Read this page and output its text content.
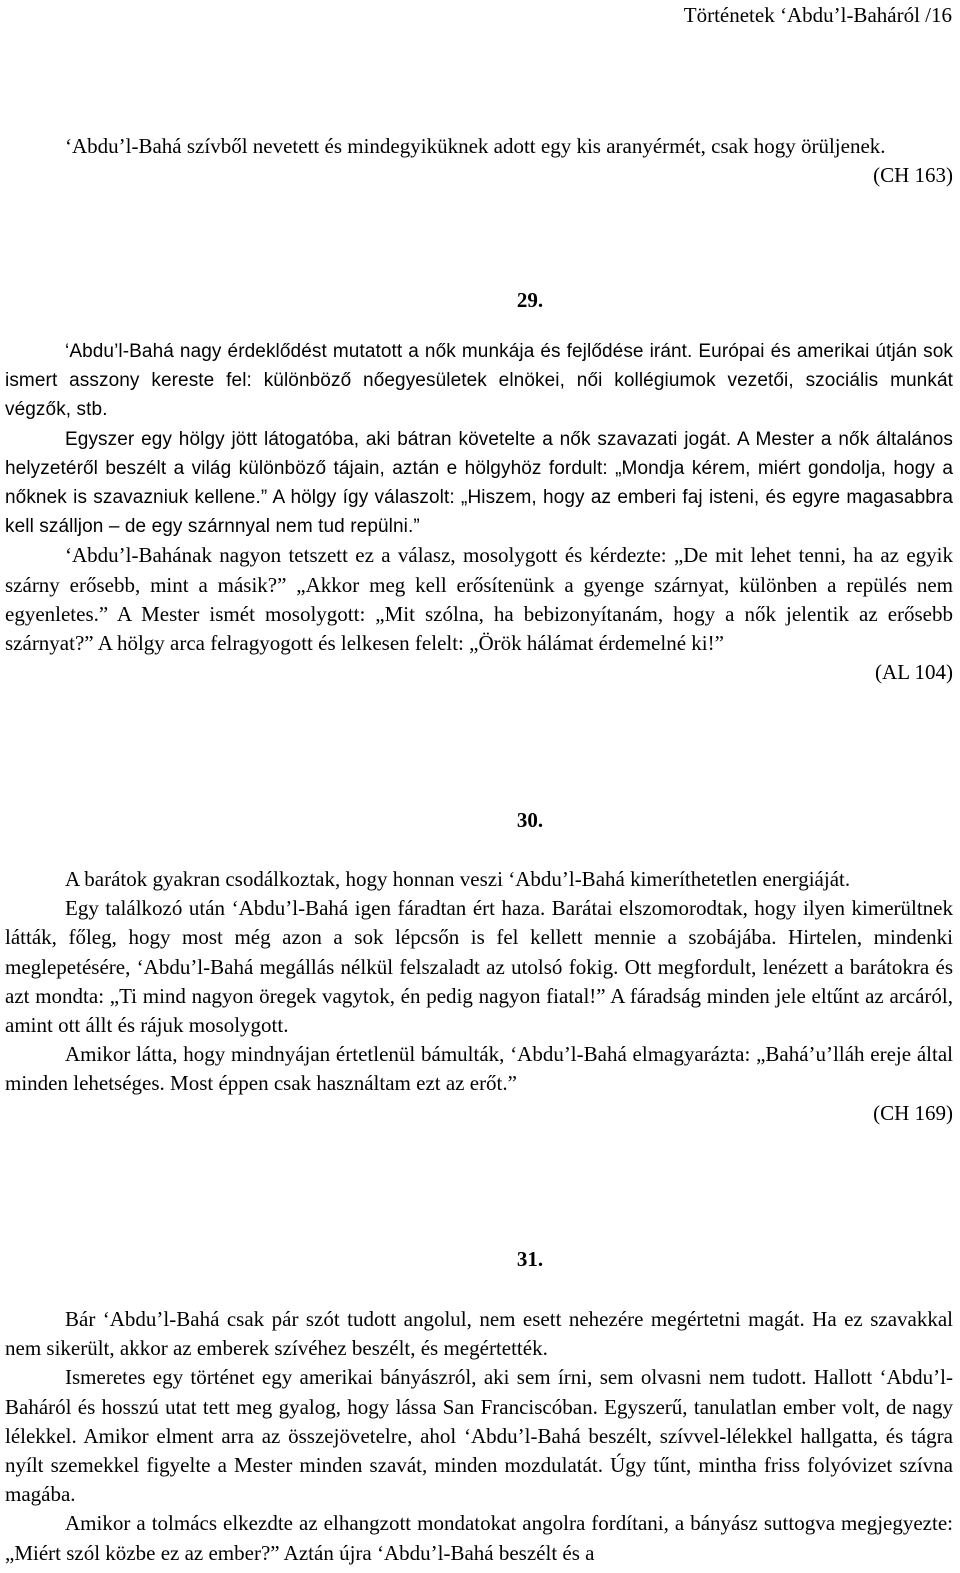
Történetek ‘Abdu’l-Baháról /16

‘Abdu’l-Bahá szívből nevetett és mindegyiküknek adott egy kis aranyérmét, csak hogy örüljenek.

(CH 163)
29.

‘Abdu’l-Bahá nagy érdeklődést mutatott a nők munkája és fejlődése iránt. Európai és amerikai útján sok ismert asszony kereste fel: különböző nőegyesületek elnökei, női kollégiumok vezetői, szociális munkát végzők, stb.

Egyszer egy hölgy jött látogatóba, aki bátran követelte a nők szavazati jogát. A Mester a nők általános helyzetéről beszélt a világ különböző tájain, aztán e hölgyhöz fordult: „Mondja kérem, miért gondolja, hogy a nőknek is szavazniuk kellene.” A hölgy így válaszolt: „Hiszem, hogy az emberi faj isteni, és egyre magasabbra kell szálljon – de egy szárnnyal nem tud repülni.”

‘Abdu’l-Bahának nagyon tetszett ez a válasz, mosolygott és kérdezte: „De mit lehet tenni, ha az egyik szárny erősebb, mint a másik?” „Akkor meg kell erősítenünk a gyenge szárnyat, különben a repülés nem egyenletes.” A Mester ismét mosolygott: „Mit szólna, ha bebizonyítanám, hogy a nők jelentik az erősebb szárnyat?” A hölgy arca felragyogott és lelkesen felelt: „Örök hálámat érdemelné ki!”

(AL 104)
30.

A barátok gyakran csodálkoztak, hogy honnan veszi ‘Abdu’l-Bahá kimeríthetetlen energiáját.

Egy találkozó után ‘Abdu’l-Bahá igen fáradtan ért haza. Barátai elszomorodtak, hogy ilyen kimerültnek látták, főleg, hogy most még azon a sok lépcsőn is fel kellett mennie a szobájába. Hirtelen, mindenki meglepetésére, ‘Abdu’l-Bahá megállás nélkül felszaladt az utolsó fokig. Ott megfordult, lenézett a barátokra és azt mondta: „Ti mind nagyon öregek vagytok, én pedig nagyon fiatal!” A fáradság minden jele eltűnt az arcáról, amint ott állt és rájuk mosolygott.

Amikor látta, hogy mindnyájan értetlenül bámulták, ‘Abdu’l-Bahá elmagyarázta: „Bahá’u’lláh ereje által minden lehetséges. Most éppen csak használtam ezt az erőt.”

(CH 169)
31.

Bár ‘Abdu’l-Bahá csak pár szót tudott angolul, nem esett nehezére megértetni magát. Ha ez szavakkal nem sikerült, akkor az emberek szívéhez beszélt, és megértették.

Ismeretes egy történet egy amerikai bányászról, aki sem írni, sem olvasni nem tudott. Hallott ‘Abdu’l-Baháról és hosszú utat tett meg gyalog, hogy lássa San Franciscóban. Egyszerű, tanulatlan ember volt, de nagy lélekkel. Amikor elment arra az összejövetelre, ahol ‘Abdu’l-Bahá beszélt, szívvel-lélekkel hallgatta, és tágra nyílt szemekkel figyelte a Mester minden szavát, minden mozdulatát. Úgy tűnt, mintha friss folyóvizet szívna magába.

Amikor a tolmács elkezdte az elhangzott mondatokat angolra fordítani, a bányász suttogva megjegyezte: „Miért szól közbe ez az ember?” Aztán újra ‘Abdu’l-Bahá beszélt és a
